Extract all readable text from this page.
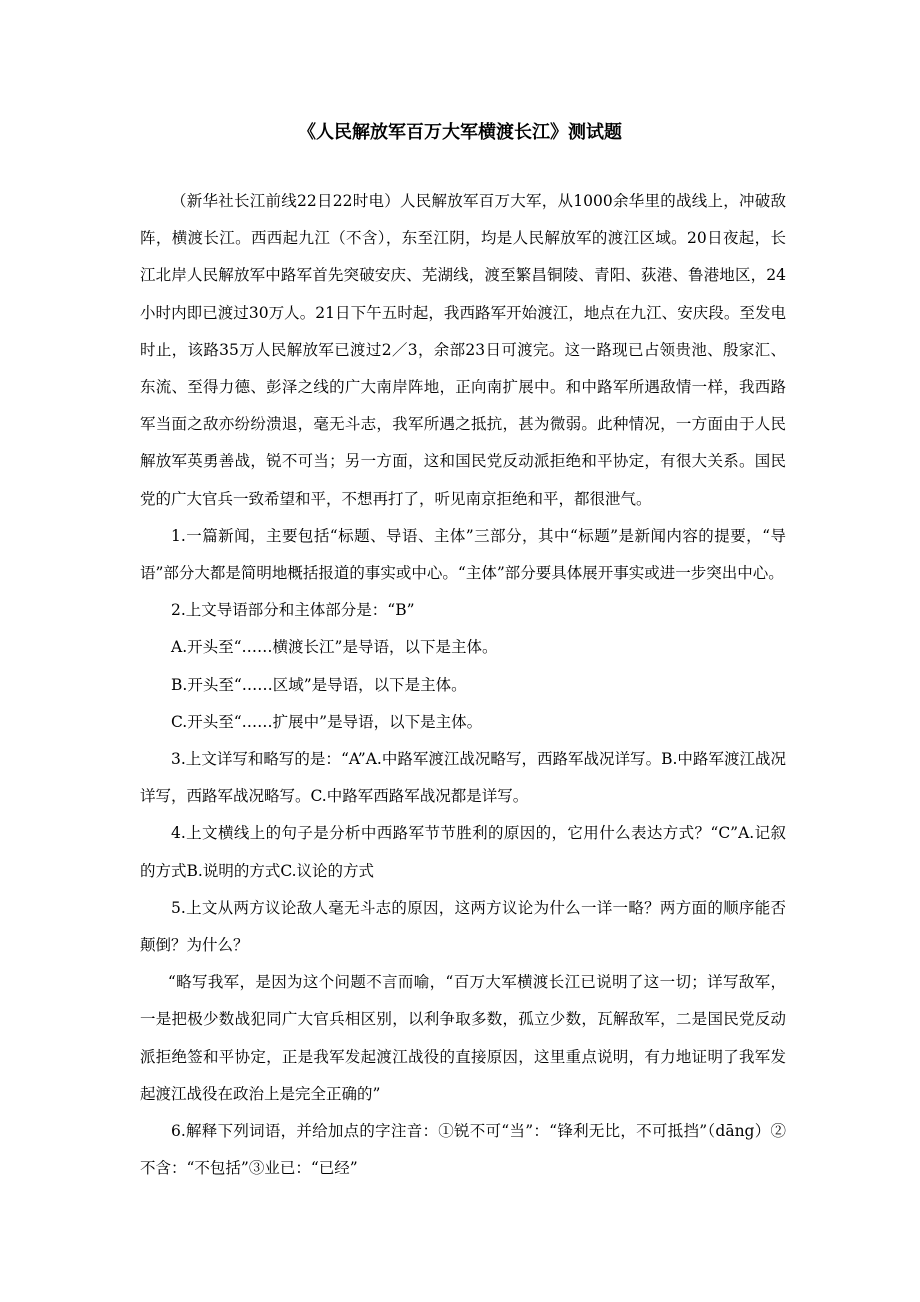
《人民解放军百万大军横渡长江》测试题

（新华社长江前线22日22时电）人民解放军百万大军，从1000余华里的战线上，冲破敌阵，横渡长江。西西起九江（不含），东至江阴，均是人民解放军的渡江区域。20日夜起，长江北岸人民解放军中路军首先突破安庆、芜湖线，渡至繁昌铜陵、青阳、荻港、鲁港地区，24小时内即已渡过30万人。21日下午五时起，我西路军开始渡江，地点在九江、安庆段。至发电时止，该路35万人民解放军已渡过2／3，余部23日可渡完。这一路现已占领贵池、殷家汇、东流、至得力德、彭泽之线的广大南岸阵地，正向南扩展中。和中路军所遇敌情一样，我西路军当面之敌亦纷纷溃退，毫无斗志，我军所遇之抵抗，甚为微弱。此种情况，一方面由于人民解放军英勇善战，锐不可当；另一方面，这和国民党反动派拒绝和平协定，有很大关系。国民党的广大官兵一致希望和平，不想再打了，听见南京拒绝和平，都很泄气。

1.一篇新闻，主要包括“标题、导语、主体”三部分，其中“标题”是新闻内容的提要，“导语”部分大都是简明地概括报道的事实或中心。“主体”部分要具体展开事实或进一步突出中心。

2.上文导语部分和主体部分是：“B”

A.开头至“……横渡长江”是导语，以下是主体。

B.开头至“……区域”是导语，以下是主体。

C.开头至“……扩展中”是导语，以下是主体。

3.上文详写和略写的是：“A”A.中路军渡江战况略写，西路军战况详写。B.中路军渡江战况详写，西路军战况略写。C.中路军西路军战况都是详写。

4.上文横线上的句子是分析中西路军节节胜利的原因的，它用什么表达方式？“C”A.记叙的方式B.说明的方式C.议论的方式

5.上文从两方议论敌人毫无斗志的原因，这两方议论为什么一详一略？两方面的顺序能否颠倒？为什么？

“略写我军，是因为这个问题不言而喻，“百万大军横渡长江已说明了这一切；详写敌军，一是把极少数战犯同广大官兵相区别，以利争取多数，孤立少数，瓦解敌军，二是国民党反动派拒绝签和平协定，正是我军发起渡江战役的直接原因，这里重点说明，有力地证明了我军发起渡江战役在政治上是完全正确的”

6.解释下列词语，并给加点的字注音：①锐不可“当”：“锋利无比，不可抵挡”（dāng）②不含：“不包括”③业已：“已经”
